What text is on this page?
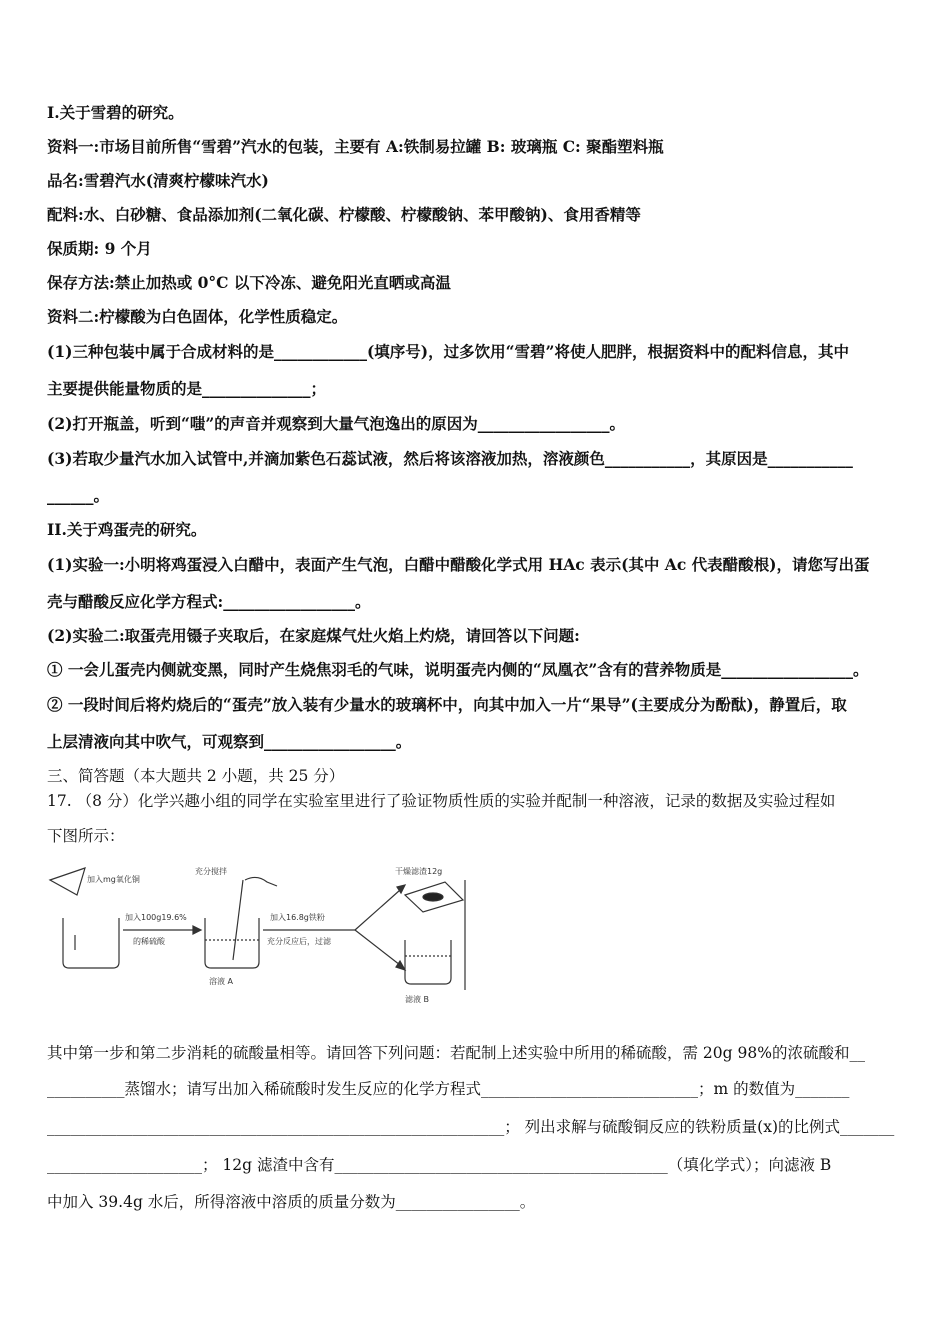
I.关于雪碧的研究。
资料一:市场目前所售“雪碧”汽水的包装，主要有 A:铁制易拉罐 B: 玻璃瓶 C: 聚酯塑料瓶
品名:雪碧汽水(清爽柠檬味汽水)
配料:水、白砂糖、食品添加剂(二氧化碳、柠檬酸、柠檬酸钠、苯甲酸钠)、食用香精等
保质期: 9 个月
保存方法:禁止加热或 0°C 以下冷冻、避免阳光直晒或高温
资料二:柠檬酸为白色固体，化学性质稳定。
(1)三种包装中属于合成材料的是____________(填序号)，过多饮用“雪碧”将使人肥胖，根据资料中的配料信息，其中
主要提供能量物质的是______________；
(2)打开瓶盖，听到“嗤”的声音并观察到大量气泡逸出的原因为_________________。
(3)若取少量汽水加入试管中,并滴加紫色石蕊试液，然后将该溶液加热，溶液颜色___________，其原因是___________
______。
II.关于鸡蛋壳的研究。
(1)实验一:小明将鸡蛋浸入白醋中，表面产生气泡，白醋中醋酸化学式用 HAc 表示(其中 Ac 代表醋酸根)，请您写出蛋
壳与醋酸反应化学方程式:_________________。
(2)实验二:取蛋壳用镊子夹取后，在家庭煤气灶火焰上灼烧，请回答以下问题:
① 一会儿蛋壳内侧就变黑，同时产生烧焦羽毛的气味，说明蛋壳内侧的“凤凰衣”含有的营养物质是_________________。
② 一段时间后将灼烧后的“蛋壳”放入装有少量水的玻璃杯中，向其中加入一片“果导”(主要成分为酚酞)，静置后，取
上层清液向其中吹气，可观察到_________________。
三、简答题（本大题共 2 小题，共 25 分）
17. （8 分）化学兴趣小组的同学在实验室里进行了验证物质性质的实验并配制一种溶液，记录的数据及实验过程如
下图所示：
加入mg氧化铜
充分搅拌
加入100g19.6%
的稀硫酸
加入16.8g铁粉
充分反应后，过滤
干燥滤渣12g
溶液 A
滤液 B
其中第一步和第二步消耗的硫酸量相等。请回答下列问题：若配制上述实验中所用的稀硫酸，需 20g 98%的浓硫酸和__
__________蒸馏水；请写出加入稀硫酸时发生反应的化学方程式____________________________；m 的数值为_______
___________________________________________________________； 列出求解与硫酸铜反应的铁粉质量(x)的比例式_______
____________________； 12g 滤渣中含有___________________________________________（填化学式）；向滤液 B
中加入 39.4g 水后，所得溶液中溶质的质量分数为________________。
